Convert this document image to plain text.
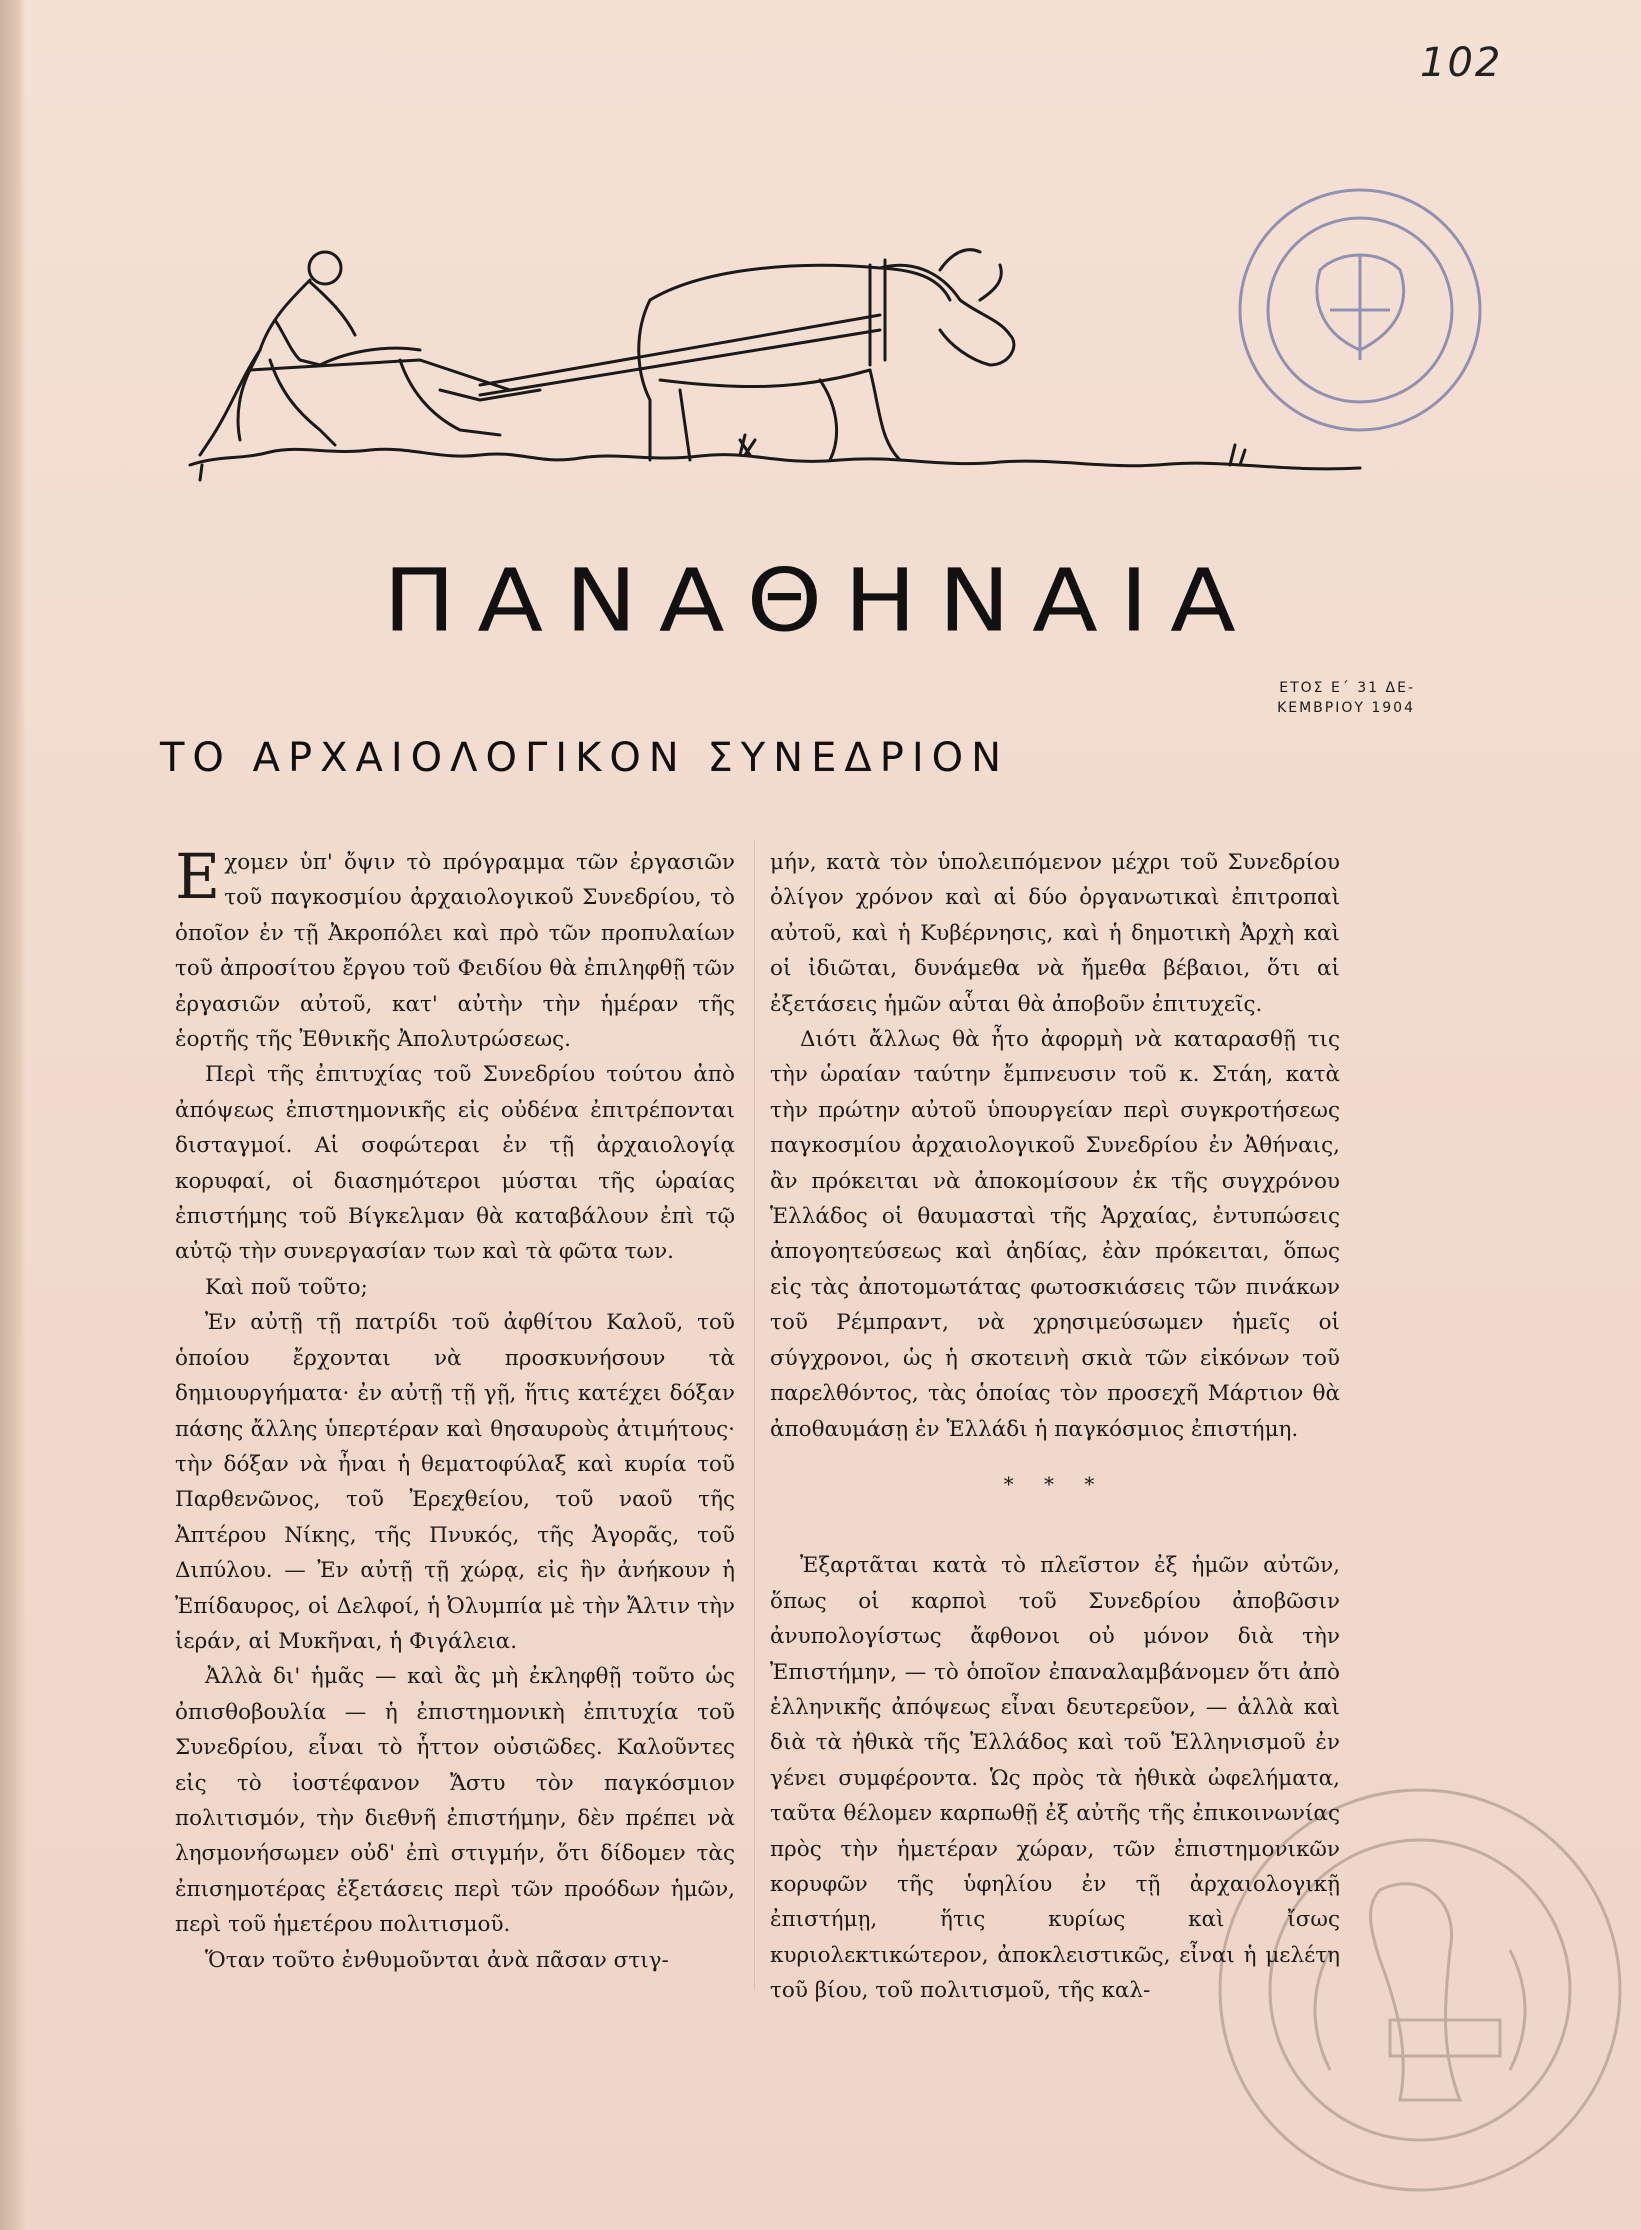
102
ΠΑΝΑΘΗΝΑΙΑ
ΕΤΟΣ Ε΄ 31 ΔΕ-
ΚΕΜΒΡΙΟΥ 1904
ΤΟ ΑΡΧΑΙΟΛΟΓΙΚΟΝ ΣΥΝΕΔΡΙΟΝ

Εχομεν ὑπ' ὄψιν τὸ πρόγραμμα τῶν ἐργασιῶν τοῦ παγκοσμίου ἀρχαιολογικοῦ Συνεδρίου, τὸ ὁποῖον ἐν τῇ Ἀκροπόλει καὶ πρὸ τῶν προπυλαίων τοῦ ἀπροσίτου ἔργου τοῦ Φειδίου θὰ ἐπιληφθῇ τῶν ἐργασιῶν αὐτοῦ, κατ' αὐτὴν τὴν ἡμέραν τῆς ἑορτῆς τῆς Ἐθνικῆς Ἀπολυτρώσεως.

Περὶ τῆς ἐπιτυχίας τοῦ Συνεδρίου τούτου ἀπὸ ἀπόψεως ἐπιστημονικῆς εἰς οὐδένα ἐπιτρέπονται δισταγμοί. Αἱ σοφώτεραι ἐν τῇ ἀρχαιολογίᾳ κορυφαί, οἱ διασημότεροι μύσται τῆς ὡραίας ἐπιστήμης τοῦ Βίγκελμαν θὰ καταβάλουν ἐπὶ τῷ αὐτῷ τὴν συνεργασίαν των καὶ τὰ φῶτα των.

Καὶ ποῦ τοῦτο;

Ἐν αὐτῇ τῇ πατρίδι τοῦ ἀφθίτου Καλοῦ, τοῦ ὁποίου ἔρχονται νὰ προσκυνήσουν τὰ δημιουργήματα· ἐν αὐτῇ τῇ γῇ, ἥτις κατέχει δόξαν πάσης ἄλλης ὑπερτέραν καὶ θησαυροὺς ἀτιμήτους· τὴν δόξαν νὰ ἦναι ἡ θεματοφύλαξ καὶ κυρία τοῦ Παρθενῶνος, τοῦ Ἐρεχθείου, τοῦ ναοῦ τῆς Ἀπτέρου Νίκης, τῆς Πνυκός, τῆς Ἀγορᾶς, τοῦ Διπύλου. — Ἐν αὐτῇ τῇ χώρᾳ, εἰς ἣν ἀνήκουν ἡ Ἐπίδαυρος, οἱ Δελφοί, ἡ Ὀλυμπία μὲ τὴν Ἄλτιν τὴν ἱεράν, αἱ Μυκῆναι, ἡ Φιγάλεια.

Ἀλλὰ δι' ἡμᾶς — καὶ ἂς μὴ ἐκληφθῇ τοῦτο ὡς ὀπισθοβουλία — ἡ ἐπιστημονικὴ ἐπιτυχία τοῦ Συνεδρίου, εἶναι τὸ ἧττον οὐσιῶδες. Καλοῦντες εἰς τὸ ἰοστέφανον Ἄστυ τὸν παγκόσμιον πολιτισμόν, τὴν διεθνῆ ἐπιστήμην, δὲν πρέπει νὰ λησμονήσωμεν οὐδ' ἐπὶ στιγμήν, ὅτι δίδομεν τὰς ἐπισημοτέρας ἐξετάσεις περὶ τῶν προόδων ἡμῶν, περὶ τοῦ ἡμετέρου πολιτισμοῦ.

Ὅταν τοῦτο ἐνθυμοῦνται ἀνὰ πᾶσαν στιγ-

μήν, κατὰ τὸν ὑπολειπόμενον μέχρι τοῦ Συνεδρίου ὀλίγον χρόνον καὶ αἱ δύο ὀργανωτικαὶ ἐπιτροπαὶ αὐτοῦ, καὶ ἡ Κυβέρνησις, καὶ ἡ δημοτικὴ Ἀρχὴ καὶ οἱ ἰδιῶται, δυνάμεθα νὰ ἤμεθα βέβαιοι, ὅτι αἱ ἐξετάσεις ἡμῶν αὗται θὰ ἀποβοῦν ἐπιτυχεῖς.

Διότι ἄλλως θὰ ἦτο ἀφορμὴ νὰ καταρασθῇ τις τὴν ὡραίαν ταύτην ἔμπνευσιν τοῦ κ. Στάη, κατὰ τὴν πρώτην αὐτοῦ ὑπουργείαν περὶ συγκροτήσεως παγκοσμίου ἀρχαιολογικοῦ Συνεδρίου ἐν Ἀθήναις, ἂν πρόκειται νὰ ἀποκομίσουν ἐκ τῆς συγχρόνου Ἑλλάδος οἱ θαυμασταὶ τῆς Ἀρχαίας, ἐντυπώσεις ἀπογοητεύσεως καὶ ἀηδίας, ἐὰν πρόκειται, ὅπως εἰς τὰς ἀποτομωτάτας φωτοσκιάσεις τῶν πινάκων τοῦ Ρέμπραντ, νὰ χρησιμεύσωμεν ἡμεῖς οἱ σύγχρονοι, ὡς ἡ σκοτεινὴ σκιὰ τῶν εἰκόνων τοῦ παρελθόντος, τὰς ὁποίας τὸν προσεχῆ Μάρτιον θὰ ἀποθαυμάσῃ ἐν Ἑλλάδι ἡ παγκόσμιος ἐπιστήμη.

* * *

Ἐξαρτᾶται κατὰ τὸ πλεῖστον ἐξ ἡμῶν αὐτῶν, ὅπως οἱ καρποὶ τοῦ Συνεδρίου ἀποβῶσιν ἀνυπολογίστως ἄφθονοι οὐ μόνον διὰ τὴν Ἐπιστήμην, — τὸ ὁποῖον ἐπαναλαμβάνομεν ὅτι ἀπὸ ἑλληνικῆς ἀπόψεως εἶναι δευτερεῦον, — ἀλλὰ καὶ διὰ τὰ ἠθικὰ τῆς Ἑλλάδος καὶ τοῦ Ἑλληνισμοῦ ἐν γένει συμφέροντα. Ὡς πρὸς τὰ ἠθικὰ ὠφελήματα, ταῦτα θέλομεν καρπωθῇ ἐξ αὐτῆς τῆς ἐπικοινωνίας πρὸς τὴν ἡμετέραν χώραν, τῶν ἐπιστημονικῶν κορυφῶν τῆς ὑφηλίου ἐν τῇ ἀρχαιολογικῇ ἐπιστήμῃ, ἥτις κυρίως καὶ ἴσως κυριολεκτικώτερον, ἀποκλειστικῶς, εἶναι ἡ μελέτη τοῦ βίου, τοῦ πολιτισμοῦ, τῆς καλ-
